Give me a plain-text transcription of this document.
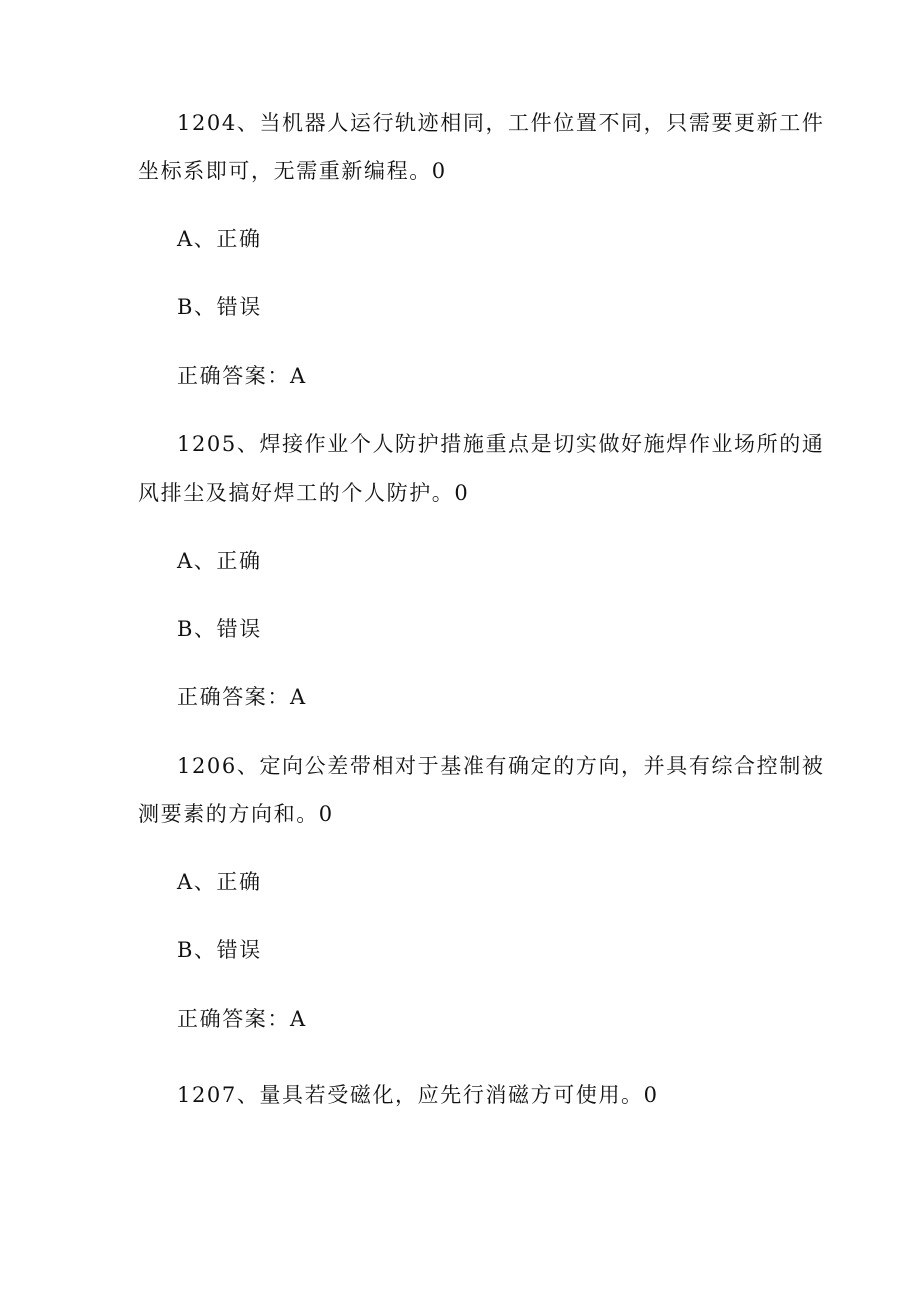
1204、当机器人运行轨迹相同，工件位置不同，只需要更新工件
坐标系即可，无需重新编程。0
A、正确
B、错误
正确答案：A
1205、焊接作业个人防护措施重点是切实做好施焊作业场所的通
风排尘及搞好焊工的个人防护。0
A、正确
B、错误
正确答案：A
1206、定向公差带相对于基准有确定的方向，并具有综合控制被
测要素的方向和。0
A、正确
B、错误
正确答案：A
1207、量具若受磁化，应先行消磁方可使用。0
